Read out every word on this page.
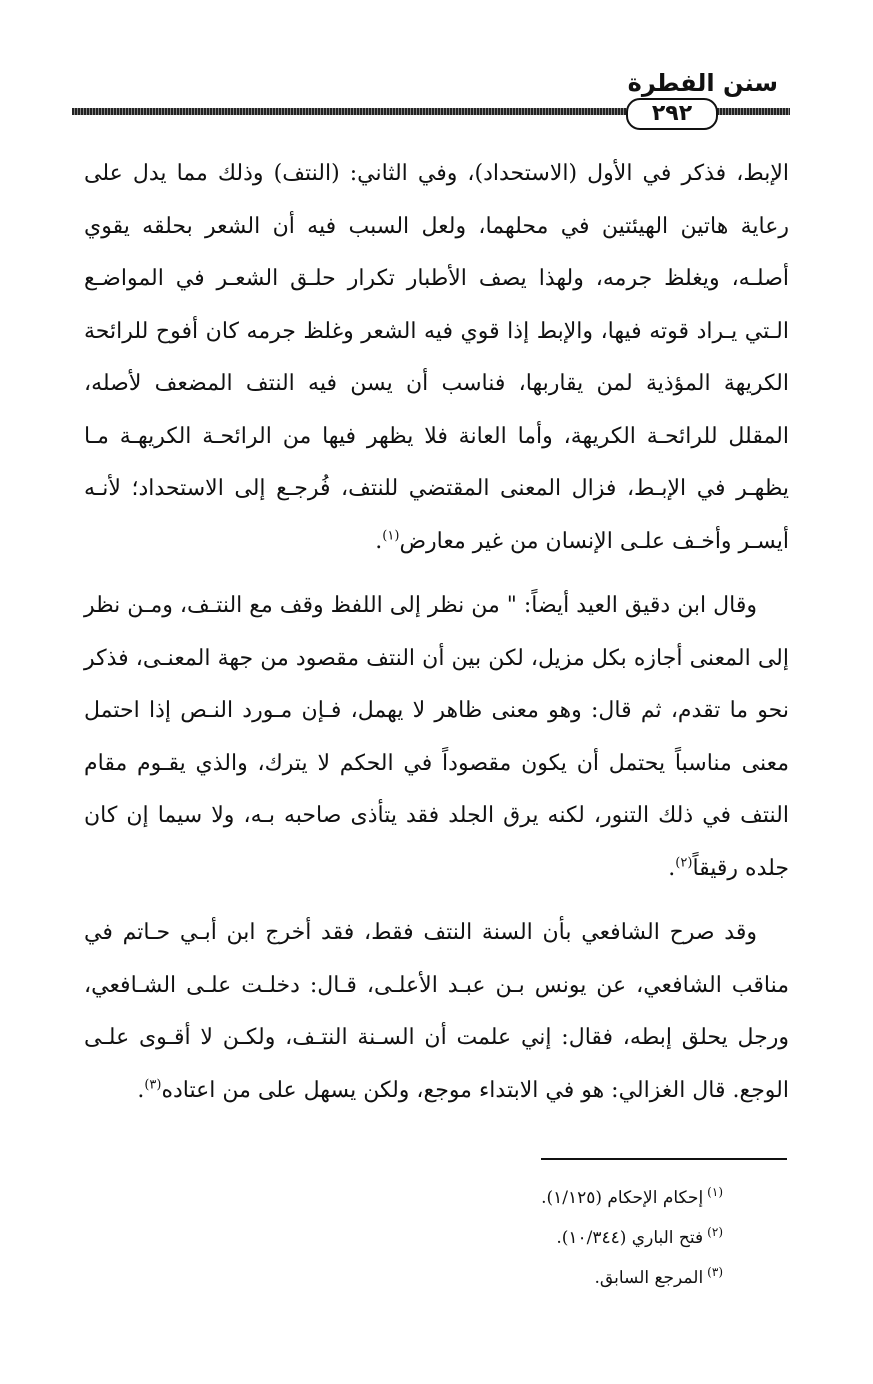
سنن الفطرة
٢٩٢

الإبط، فذكر في الأول (الاستحداد)، وفي الثاني: (النتف) وذلك مما يدل على رعاية هاتين الهيئتين في محلهما، ولعل السبب فيه أن الشعر بحلقه يقوي أصلـه، ويغلظ جرمه، ولهذا يصف الأطبار تكرار حلـق الشعـر في المواضـع الـتي يـراد قوته فيها، والإبط إذا قوي فيه الشعر وغلظ جرمه كان أفوح للرائحة الكريهة المؤذية لمن يقاربها، فناسب أن يسن فيه النتف المضعف لأصله، المقلل للرائحـة الكريهة، وأما العانة فلا يظهر فيها من الرائحـة الكريهـة مـا يظهـر في الإبـط، فزال المعنى المقتضي للنتف، فُرجـع إلى الاستحداد؛ لأنـه أيسـر وأخـف علـى الإنسان من غير معارض$^{(١)}$.

وقال ابن دقيق العيد أيضاً: " من نظر إلى اللفظ وقف مع النتـف، ومـن نظر إلى المعنى أجازه بكل مزيل، لكن بين أن النتف مقصود من جهة المعنـى، فذكر نحو ما تقدم، ثم قال: وهو معنى ظاهر لا يهمل، فـإن مـورد النـص إذا احتمل معنى مناسباً يحتمل أن يكون مقصوداً في الحكم لا يترك، والذي يقـوم مقام النتف في ذلك التنور، لكنه يرق الجلد فقد يتأذى صاحبه بـه، ولا سيما إن كان جلده رقيقاً$^{(٢)}$.

وقد صرح الشافعي بأن السنة النتف فقط، فقد أخرج ابن أبـي حـاتم في مناقب الشافعي، عن يونس بـن عبـد الأعلـى، قـال: دخلـت علـى الشـافعي، ورجل يحلق إبطه، فقال: إني علمت أن السـنة النتـف، ولكـن لا أقـوى علـى الوجع. قال الغزالي: هو في الابتداء موجع، ولكن يسهل على من اعتاده$^{(٣)}$.

$^{(١)}$إحكام الإحكام (١/١٢٥).

$^{(٢)}$فتح الباري (١٠/٣٤٤).

$^{(٣)}$المرجع السابق.
